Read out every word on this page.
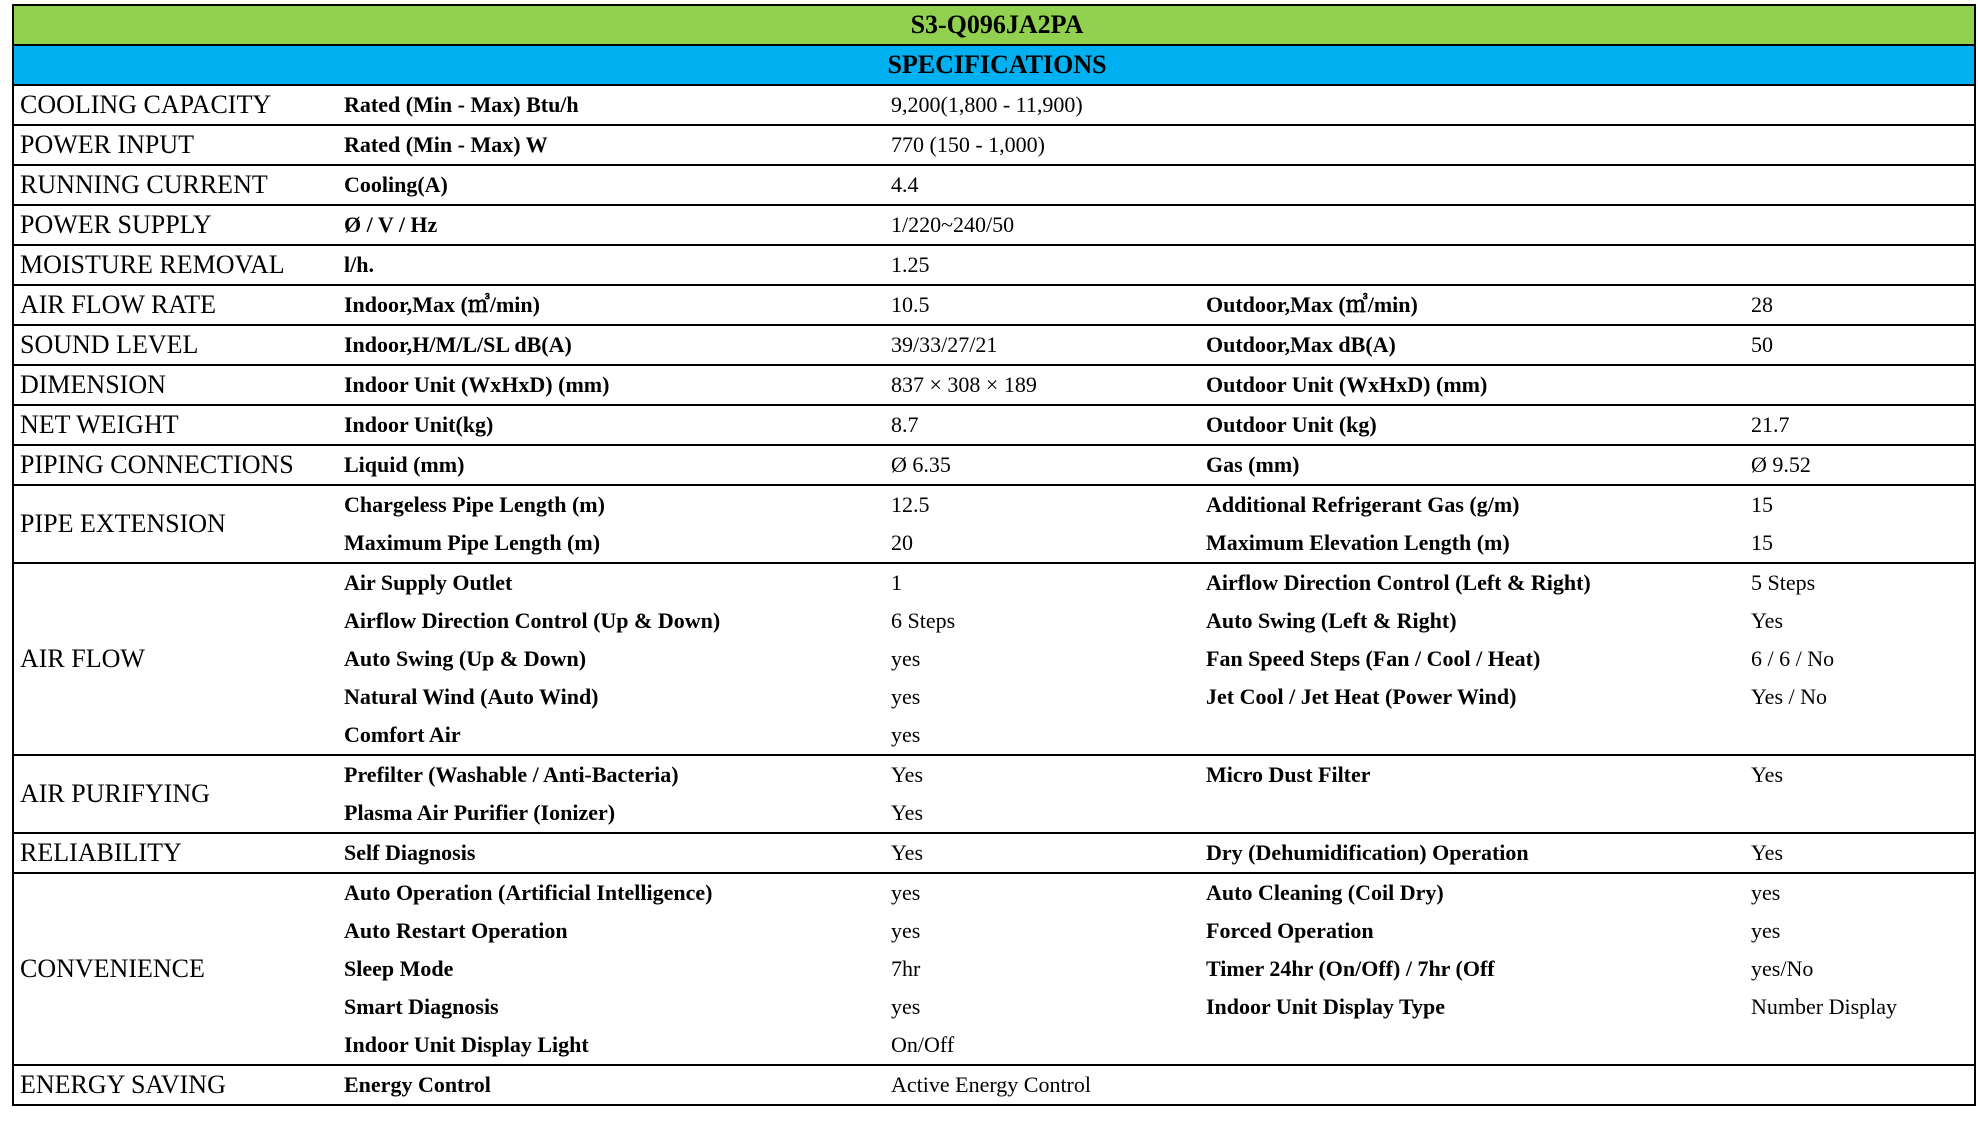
S3-Q096JA2PA				
SPECIFICATIONS				
COOLING CAPACITY	Rated (Min - Max) Btu/h	9,200(1,800 - 11,900)		
POWER INPUT	Rated (Min - Max) W	770 (150 - 1,000)		
RUNNING CURRENT	Cooling(A)	4.4		
POWER SUPPLY	Ø / V / Hz	1/220~240/50		
MOISTURE REMOVAL	l/h.	1.25		
AIR FLOW RATE	Indoor,Max (㎥/min)	10.5	Outdoor,Max (㎥/min)	28
SOUND LEVEL	Indoor,H/M/L/SL dB(A)	39/33/27/21	Outdoor,Max dB(A)	50
DIMENSION	Indoor Unit (WxHxD) (mm)	837 × 308 × 189	Outdoor Unit (WxHxD) (mm)	
NET WEIGHT	Indoor Unit(kg)	8.7	Outdoor Unit (kg)	21.7
PIPING CONNECTIONS	Liquid (mm)	Ø 6.35	Gas (mm)	Ø 9.52
PIPE EXTENSION	Chargeless Pipe Length (m)	12.5	Additional Refrigerant Gas (g/m)	15
	Maximum Pipe Length (m)	20	Maximum Elevation Length (m)	15
AIR FLOW	Air Supply Outlet	1	Airflow Direction Control (Left & Right)	5 Steps
	Airflow Direction Control (Up & Down)	6 Steps	Auto Swing (Left & Right)	Yes
	Auto Swing (Up & Down)	yes	Fan Speed Steps (Fan / Cool / Heat)	6 / 6 / No
	Natural Wind (Auto Wind)	yes	Jet Cool / Jet Heat (Power Wind)	Yes / No
	Comfort Air	yes		
AIR PURIFYING	Prefilter (Washable / Anti-Bacteria)	Yes	Micro Dust Filter	Yes
	Plasma Air Purifier (Ionizer)	Yes		
RELIABILITY	Self Diagnosis	Yes	Dry (Dehumidification) Operation	Yes
CONVENIENCE	Auto Operation (Artificial Intelligence)	yes	Auto Cleaning (Coil Dry)	yes
	Auto Restart Operation	yes	Forced Operation	yes
	Sleep Mode	7hr	Timer 24hr (On/Off) / 7hr (Off	yes/No
	Smart Diagnosis	yes	Indoor Unit Display Type	Number Display
	Indoor Unit Display Light	On/Off		
ENERGY SAVING	Energy Control	Active Energy Control		
